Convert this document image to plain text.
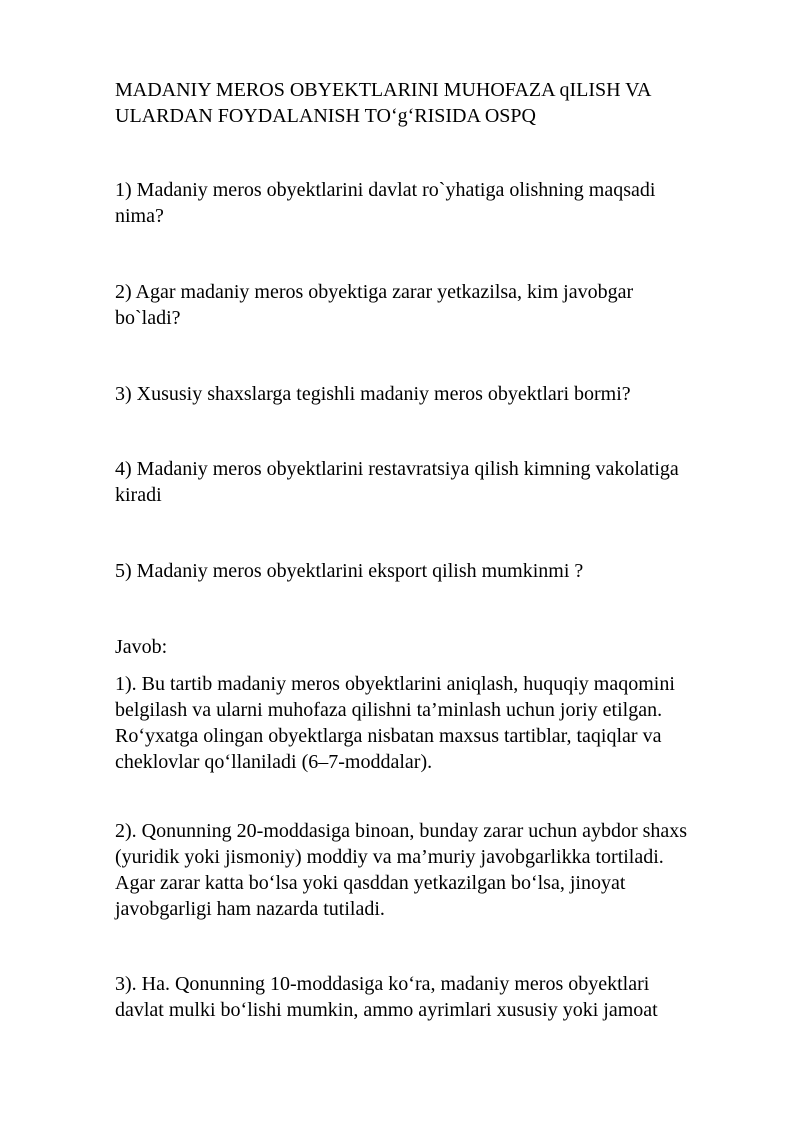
MADANIY MEROS OBYEKTLARINI MUHOFAZA qILISH VA
ULARDAN FOYDALANISH TO‘g‘RISIDA OSPQ

1) Madaniy meros obyektlarini davlat ro`yhatiga olishning maqsadi
nima?

2) Agar madaniy meros obyektiga zarar yetkazilsa, kim javobgar
bo`ladi?

3) Xususiy shaxslarga tegishli madaniy meros obyektlari bormi?

4) Madaniy meros obyektlarini restavratsiya qilish kimning vakolatiga
kiradi

5) Madaniy meros obyektlarini eksport qilish mumkinmi ?

Javob:

1). Bu tartib madaniy meros obyektlarini aniqlash, huquqiy maqomini
belgilash va ularni muhofaza qilishni ta’minlash uchun joriy etilgan.
Ro‘yxatga olingan obyektlarga nisbatan maxsus tartiblar, taqiqlar va
cheklovlar qo‘llaniladi (6–7-moddalar).

2). Qonunning 20-moddasiga binoan, bunday zarar uchun aybdor shaxs
(yuridik yoki jismoniy) moddiy va ma’muriy javobgarlikka tortiladi.
Agar zarar katta bo‘lsa yoki qasddan yetkazilgan bo‘lsa, jinoyat
javobgarligi ham nazarda tutiladi.

3). Ha. Qonunning 10-moddasiga ko‘ra, madaniy meros obyektlari
davlat mulki bo‘lishi mumkin, ammo ayrimlari xususiy yoki jamoat
